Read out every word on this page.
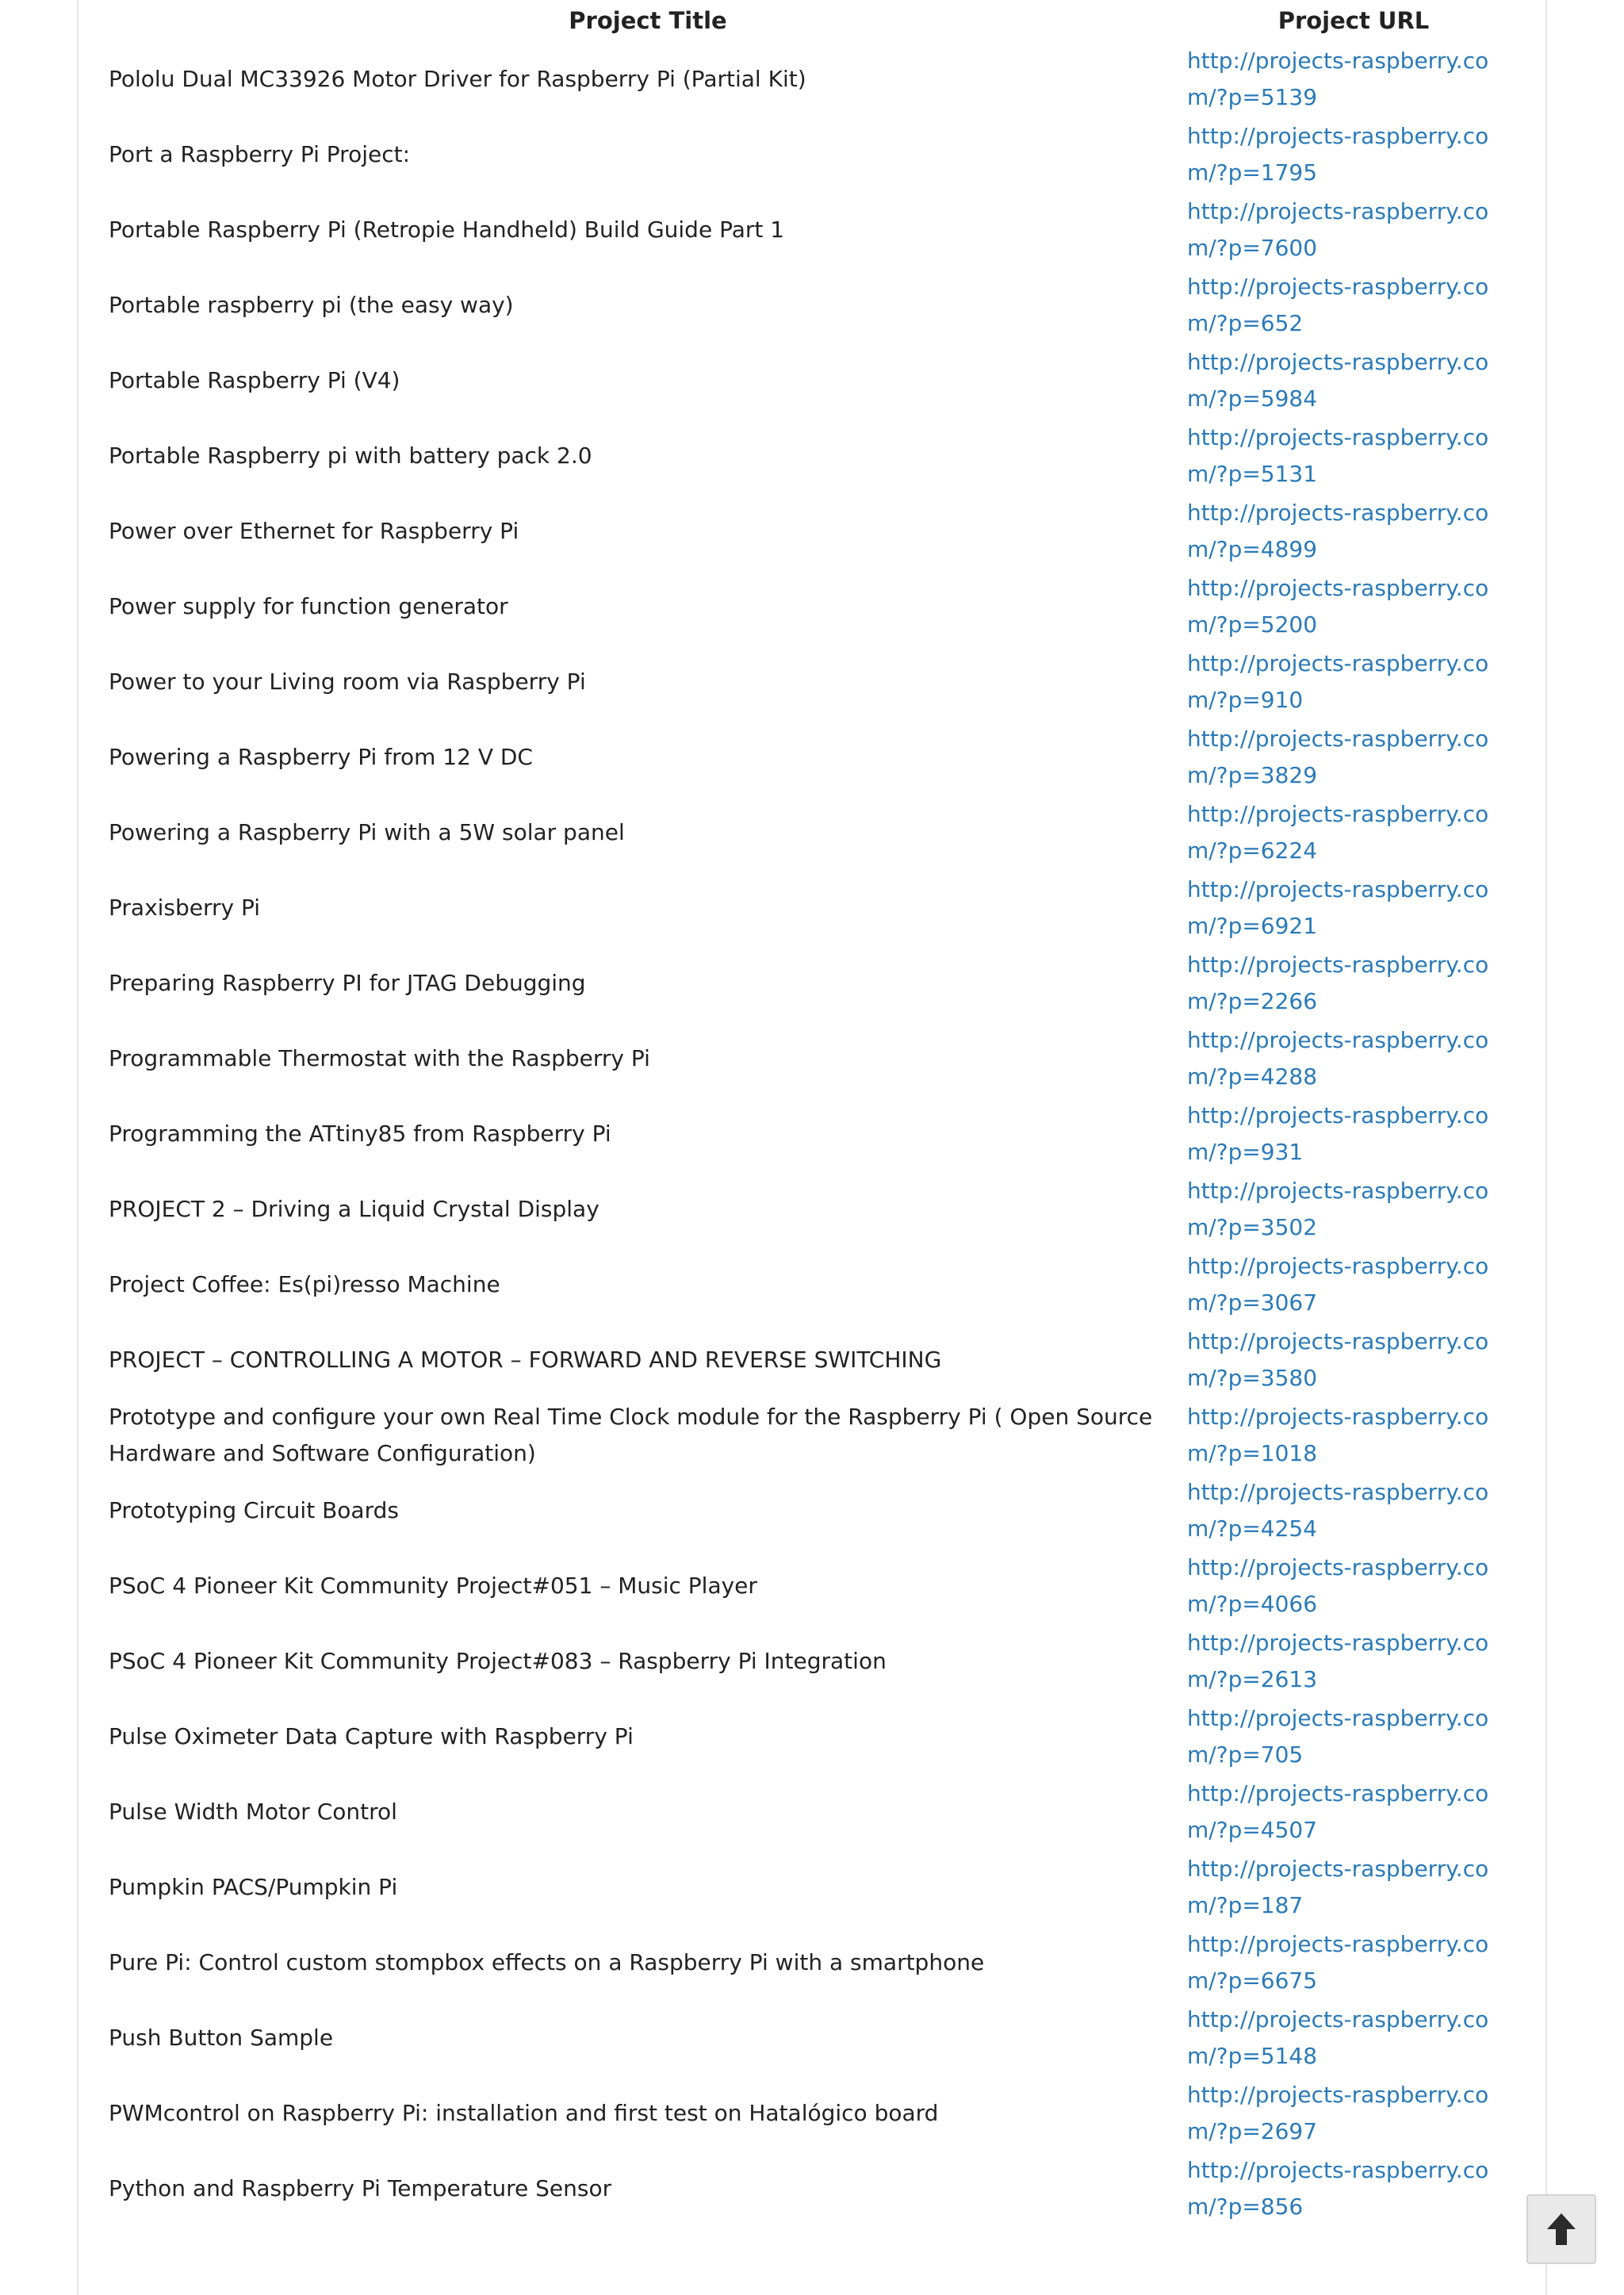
Project Title	Project URL
Pololu Dual MC33926 Motor Driver for Raspberry Pi (Partial Kit)	http://projects-raspberry.com/?p=5139

Port a Raspberry Pi Project:	http://projects-raspberry.com/?p=1795

Portable Raspberry Pi (Retropie Handheld) Build Guide Part 1	http://projects-raspberry.com/?p=7600

Portable raspberry pi (the easy way)	http://projects-raspberry.com/?p=652

Portable Raspberry Pi (V4)	http://projects-raspberry.com/?p=5984

Portable Raspberry pi with battery pack 2.0	http://projects-raspberry.com/?p=5131

Power over Ethernet for Raspberry Pi	http://projects-raspberry.com/?p=4899

Power supply for function generator	http://projects-raspberry.com/?p=5200

Power to your Living room via Raspberry Pi	http://projects-raspberry.com/?p=910

Powering a Raspberry Pi from 12 V DC	http://projects-raspberry.com/?p=3829

Powering a Raspberry Pi with a 5W solar panel	http://projects-raspberry.com/?p=6224

Praxisberry Pi	http://projects-raspberry.com/?p=6921

Preparing Raspberry PI for JTAG Debugging	http://projects-raspberry.com/?p=2266

Programmable Thermostat with the Raspberry Pi	http://projects-raspberry.com/?p=4288

Programming the ATtiny85 from Raspberry Pi	http://projects-raspberry.com/?p=931

PROJECT 2 – Driving a Liquid Crystal Display	http://projects-raspberry.com/?p=3502

Project Coffee: Es(pi)resso Machine	http://projects-raspberry.com/?p=3067

PROJECT – CONTROLLING A MOTOR – FORWARD AND REVERSE SWITCHING	http://projects-raspberry.com/?p=3580

Prototype and configure your own Real Time Clock module for the Raspberry Pi ( Open Source Hardware and Software Configuration)	http://projects-raspberry.com/?p=1018

Prototyping Circuit Boards	http://projects-raspberry.com/?p=4254

PSoC 4 Pioneer Kit Community Project#051 – Music Player	http://projects-raspberry.com/?p=4066

PSoC 4 Pioneer Kit Community Project#083 – Raspberry Pi Integration	http://projects-raspberry.com/?p=2613

Pulse Oximeter Data Capture with Raspberry Pi	http://projects-raspberry.com/?p=705

Pulse Width Motor Control	http://projects-raspberry.com/?p=4507

Pumpkin PACS/Pumpkin Pi	http://projects-raspberry.com/?p=187

Pure Pi: Control custom stompbox effects on a Raspberry Pi with a smartphone	http://projects-raspberry.com/?p=6675

Push Button Sample	http://projects-raspberry.com/?p=5148

PWMcontrol on Raspberry Pi: installation and first test on Hatalógico board	http://projects-raspberry.com/?p=2697

Python and Raspberry Pi Temperature Sensor	http://projects-raspberry.com/?p=856
